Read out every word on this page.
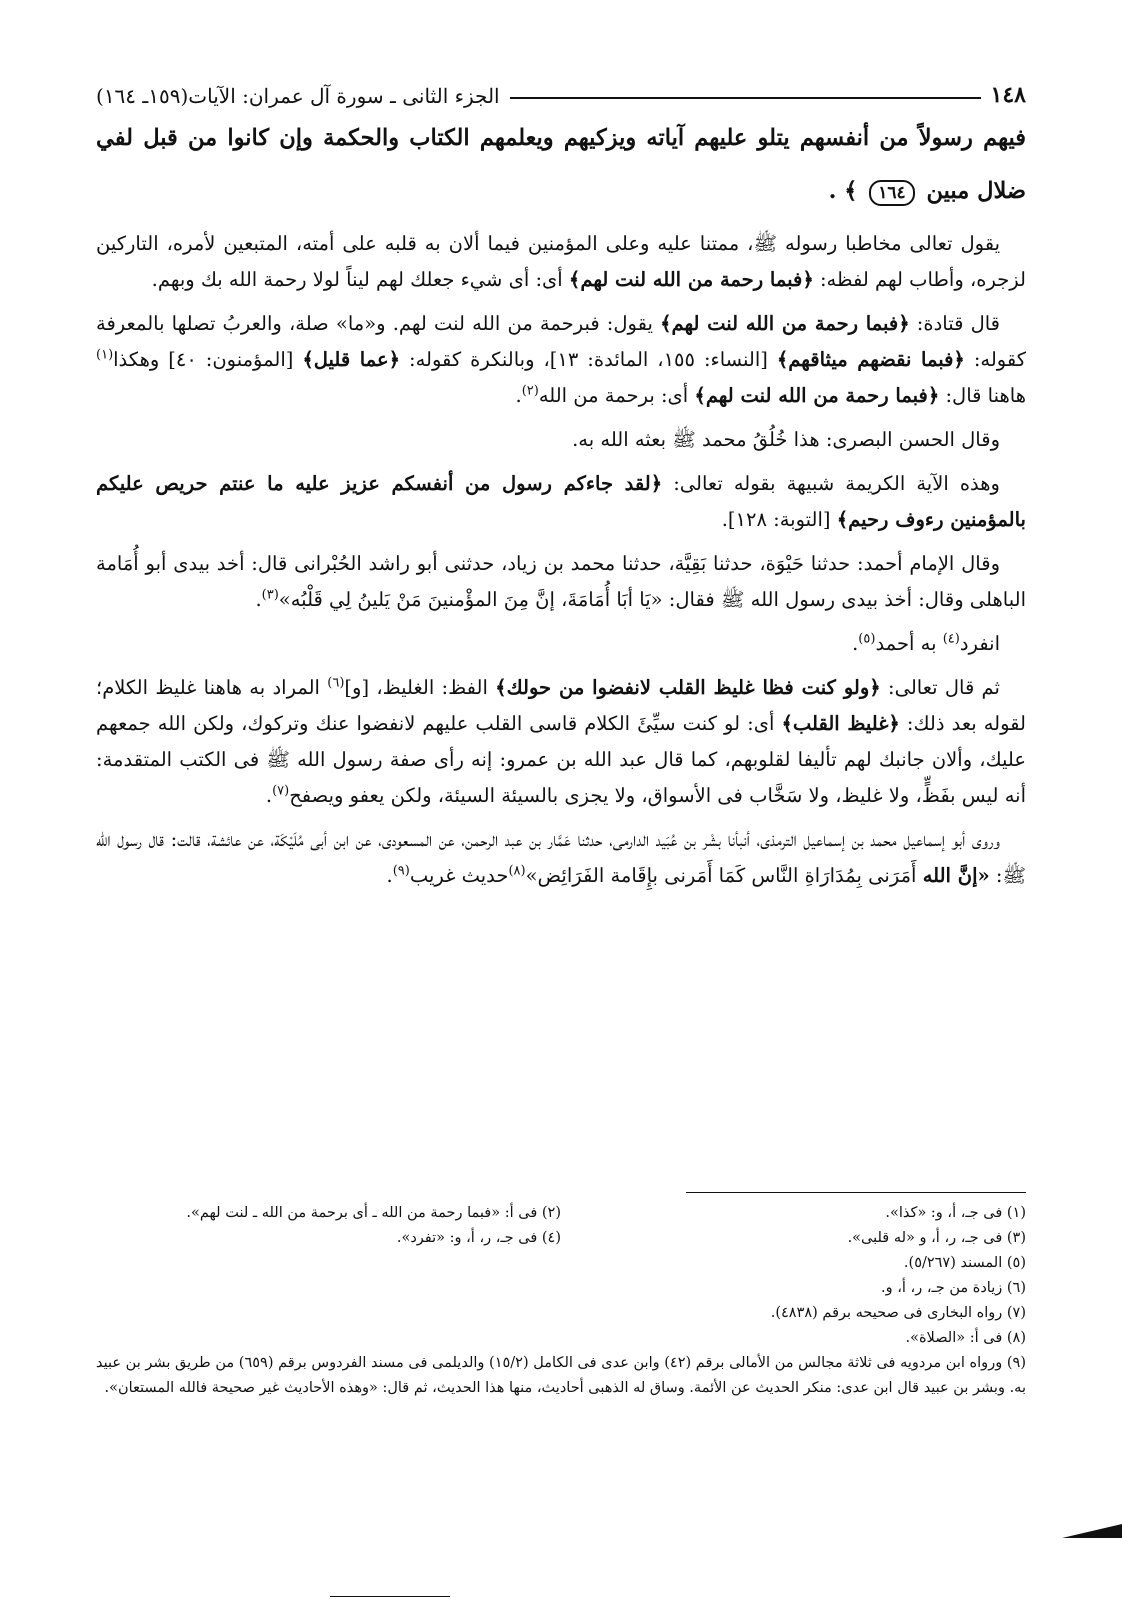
١٤٨
الجزء الثانى ـ سورة آل عمران: الآيات(١٥٩ـ ١٦٤)

فيهم رسولاً من أنفسهم يتلو عليهم آياته ويزكيهم ويعلمهم الكتاب والحكمة وإن كانوا من قبل لفي ضلال مبين ١٦٤ ﴾ .

يقول تعالى مخاطبا رسوله ﷺ، ممتنا عليه وعلى المؤمنين فيما ألان به قلبه على أمته، المتبعين لأمره، التاركين لزجره، وأطاب لهم لفظه: ﴿فبما رحمة من الله لنت لهم﴾ أى: أى شيء جعلك لهم ليناً لولا رحمة الله بك وبهم.

قال قتادة: ﴿فبما رحمة من الله لنت لهم﴾ يقول: فبرحمة من الله لنت لهم. و«ما» صلة، والعربُ تصلها بالمعرفة كقوله: ﴿فبما نقضهم ميثاقهم﴾ [النساء: ١٥٥، المائدة: ١٣]، وبالنكرة كقوله: ﴿عما قليل﴾ [المؤمنون: ٤٠] وهكذا$^{(١)}$ هاهنا قال: ﴿فبما رحمة من الله لنت لهم﴾ أى: برحمة من الله$^{(٢)}$.

وقال الحسن البصرى: هذا خُلُقُ محمد ﷺ بعثه الله به.

وهذه الآية الكريمة شبيهة بقوله تعالى: ﴿لقد جاءكم رسول من أنفسكم عزيز عليه ما عنتم حريص عليكم بالمؤمنين رءوف رحيم﴾ [التوبة: ١٢٨].

وقال الإمام أحمد: حدثنا حَيْوَة، حدثنا بَقِيَّة، حدثنا محمد بن زياد، حدثنى أبو راشد الحُبْرانى قال: أخد بيدى أبو أُمَامة الباهلى وقال: أخذ بيدى رسول الله ﷺ فقال: «يَا أبَا أُمَامَةَ، إنَّ مِنَ المؤْمنينَ مَنْ يَلينُ لِي قَلْبُه»$^{(٣)}$.

انفرد$^{(٤)}$ به أحمد$^{(٥)}$.

ثم قال تعالى: ﴿ولو كنت فظا غليظ القلب لانفضوا من حولك﴾ الفظ: الغليظ، [و]$^{(٦)}$ المراد به هاهنا غليظ الكلام؛ لقوله بعد ذلك: ﴿غليظ القلب﴾ أى: لو كنت سيِّئَ الكلام قاسى القلب عليهم لانفضوا عنك وتركوك، ولكن الله جمعهم عليك، وألان جانبك لهم تأليفا لقلوبهم، كما قال عبد الله بن عمرو: إنه رأى صفة رسول الله ﷺ فى الكتب المتقدمة: أنه ليس بفَظٍّ، ولا غليظ، ولا سَخَّاب فى الأسواق، ولا يجزى بالسيئة السيئة، ولكن يعفو ويصفح$^{(٧)}$.

وروى أبو إسماعيل محمد بن إسماعيل الترمذى، أنبأنا بشْر بن عُبَيد الدارمى، حدثنا عَمَّار بن عبد الرحمن، عن المسعودى، عن ابن أبى مُلَيْكَة، عن عائشة، قالت: قال رسول الله ﷺ: «إنَّ الله أَمَرَنى بِمُدَارَاةِ النَّاس كَمَا أَمَرنى بإِقَامة الفَرَائِض»$^{(٨)}$حديث غريب$^{(٩)}$.

(١) فى جـ، أ، و: «كذا».
(٢) فى أ: «فبما رحمة من الله ـ أى برحمة من الله ـ لنت لهم».
(٣) فى جـ، ر، أ، و «له قلبى».
(٤) فى جـ، ر، أ، و: «تفرد».
(٥) المسند (٥/٢٦٧).
(٦) زيادة من جـ، ر، أ، و.
(٧) رواه البخارى فى صحيحه برقم (٤٨٣٨).
(٨) فى أ: «الصلاة».
(٩) ورواه ابن مردويه فى ثلاثة مجالس من الأمالى برقم (٤٢) وابن عدى فى الكامل (١٥/٢) والديلمى فى مسند الفردوس برقم (٦٥٩) من طريق بشر بن عبيد به. وبشر بن عبيد قال ابن عدى: منكر الحديث عن الأئمة. وساق له الذهبى أحاديث، منها هذا الحديث، ثم قال: «وهذه الأحاديث غير صحيحة فالله المستعان».
